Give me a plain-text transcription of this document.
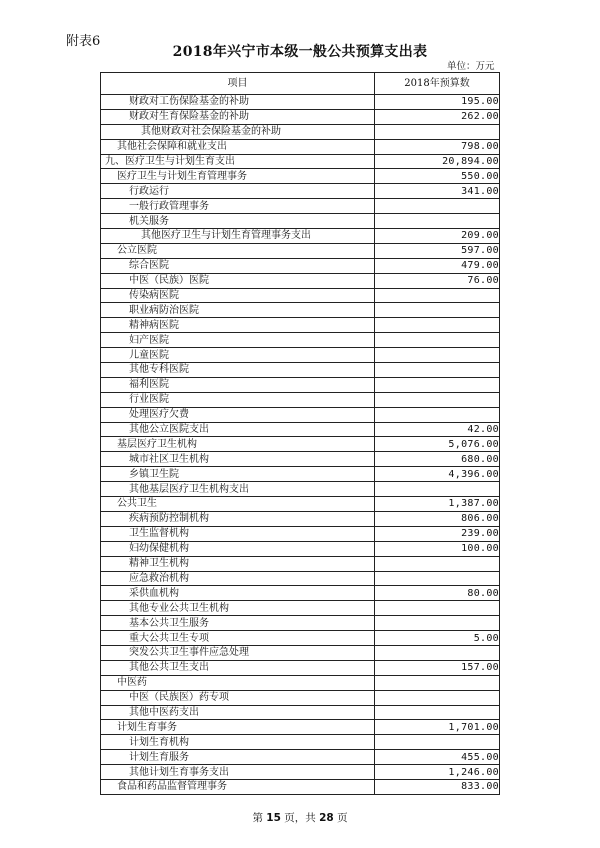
附表6
2018年兴宁市本级一般公共预算支出表
单位：万元
项目	2018年预算数
财政对工伤保险基金的补助	195.00
财政对生育保险基金的补助	262.00
其他财政对社会保险基金的补助	
其他社会保障和就业支出	798.00
九、医疗卫生与计划生育支出	20,894.00
医疗卫生与计划生育管理事务	550.00
行政运行	341.00
一般行政管理事务	
机关服务	
其他医疗卫生与计划生育管理事务支出	209.00
公立医院	597.00
综合医院	479.00
中医（民族）医院	76.00
传染病医院	
职业病防治医院	
精神病医院	
妇产医院	
儿童医院	
其他专科医院	
福利医院	
行业医院	
处理医疗欠费	
其他公立医院支出	42.00
基层医疗卫生机构	5,076.00
城市社区卫生机构	680.00
乡镇卫生院	4,396.00
其他基层医疗卫生机构支出	
公共卫生	1,387.00
疾病预防控制机构	806.00
卫生监督机构	239.00
妇幼保健机构	100.00
精神卫生机构	
应急救治机构	
采供血机构	80.00
其他专业公共卫生机构	
基本公共卫生服务	
重大公共卫生专项	5.00
突发公共卫生事件应急处理	
其他公共卫生支出	157.00
中医药	
中医（民族医）药专项	
其他中医药支出	
计划生育事务	1,701.00
计划生育机构	
计划生育服务	455.00
其他计划生育事务支出	1,246.00
食品和药品监督管理事务	833.00
第 15 页，共 28 页
